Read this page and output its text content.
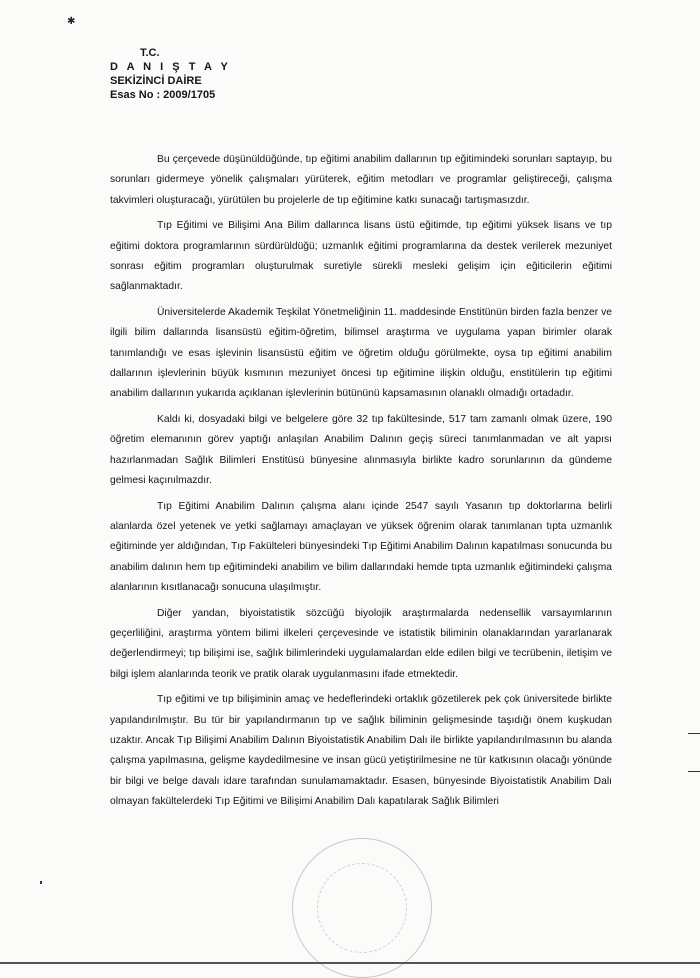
✱
T.C.
D A N I Ş T A Y
SEKİZİNCİ DAİRE
Esas No : 2009/1705

Bu çerçevede düşünüldüğünde, tıp eğitimi anabilim dallarının tıp eğitimindeki sorunları saptayıp, bu sorunları gidermeye yönelik çalışmaları yürüterek, eğitim metodları ve programlar geliştireceği, çalışma takvimleri oluşturacağı, yürütülen bu projelerle de tıp eğitimine katkı sunacağı tartışmasızdır.

Tıp Eğitimi ve Bilişimi Ana Bilim dallarınca lisans üstü eğitimde, tıp eğitimi yüksek lisans ve tıp eğitimi doktora programlarının sürdürüldüğü; uzmanlık eğitimi programlarına da destek verilerek mezuniyet sonrası eğitim programları oluşturulmak suretiyle sürekli mesleki gelişim için eğiticilerin eğitimi sağlanmaktadır.

Üniversitelerde Akademik Teşkilat Yönetmeliğinin 11. maddesinde Enstitünün birden fazla benzer ve ilgili bilim dallarında lisansüstü eğitim-öğretim, bilimsel araştırma ve uygulama yapan birimler olarak tanımlandığı ve esas işlevinin lisansüstü eğitim ve öğretim olduğu görülmekte, oysa tıp eğitimi anabilim dallarının işlevlerinin büyük kısmının mezuniyet öncesi tıp eğitimine ilişkin olduğu, enstitülerin tıp eğitimi anabilim dallarının yukarıda açıklanan işlevlerinin bütününü kapsamasının olanaklı olmadığı ortadadır.

Kaldı ki, dosyadaki bilgi ve belgelere göre 32 tıp fakültesinde, 517 tam zamanlı olmak üzere, 190 öğretim elemanının görev yaptığı anlaşılan Anabilim Dalının geçiş süreci tanımlanmadan ve alt yapısı hazırlanmadan Sağlık Bilimleri Enstitüsü bünyesine alınmasıyla birlikte kadro sorunlarının da gündeme gelmesi kaçınılmazdır.

Tıp Eğitimi Anabilim Dalının çalışma alanı içinde 2547 sayılı Yasanın tıp doktorlarına belirli alanlarda özel yetenek ve yetki sağlamayı amaçlayan ve yüksek öğrenim olarak tanımlanan tıpta uzmanlık eğitiminde yer aldığından, Tıp Fakülteleri bünyesindeki Tıp Eğitimi Anabilim Dalının kapatılması sonucunda bu anabilim dalının hem tıp eğitimindeki anabilim ve bilim dallarındaki hemde tıpta uzmanlık eğitimindeki çalışma alanlarının kısıtlanacağı sonucuna ulaşılmıştır.

Diğer yandan, biyoistatistik sözcüğü biyolojik araştırmalarda nedensellik varsayımlarının geçerliliğini, araştırma yöntem bilimi ilkeleri çerçevesinde ve istatistik biliminin olanaklarından yararlanarak değerlendirmeyi; tıp bilişimi ise, sağlık bilimlerindeki uygulamalardan elde edilen bilgi ve tecrübenin, iletişim ve bilgi işlem alanlarında teorik ve pratik olarak uygulanmasını ifade etmektedir.

Tıp eğitimi ve tıp bilişiminin amaç ve hedeflerindeki ortaklık gözetilerek pek çok üniversitede birlikte yapılandırılmıştır. Bu tür bir yapılandırmanın tıp ve sağlık biliminin gelişmesinde taşıdığı önem kuşkudan uzaktır. Ancak Tıp Bilişimi Anabilim Dalının Biyoistatistik Anabilim Dalı ile birlikte yapılandırılmasının bu alanda çalışma yapılmasına, gelişme kaydedilmesine ve insan gücü yetiştirilmesine ne tür katkısının olacağı yönünde bir bilgi ve belge davalı idare tarafından sunulamamaktadır. Esasen, bünyesinde Biyoistatistik Anabilim Dalı olmayan fakültelerdeki Tıp Eğitimi ve Bilişimi Anabilim Dalı kapatılarak Sağlık Bilimleri
